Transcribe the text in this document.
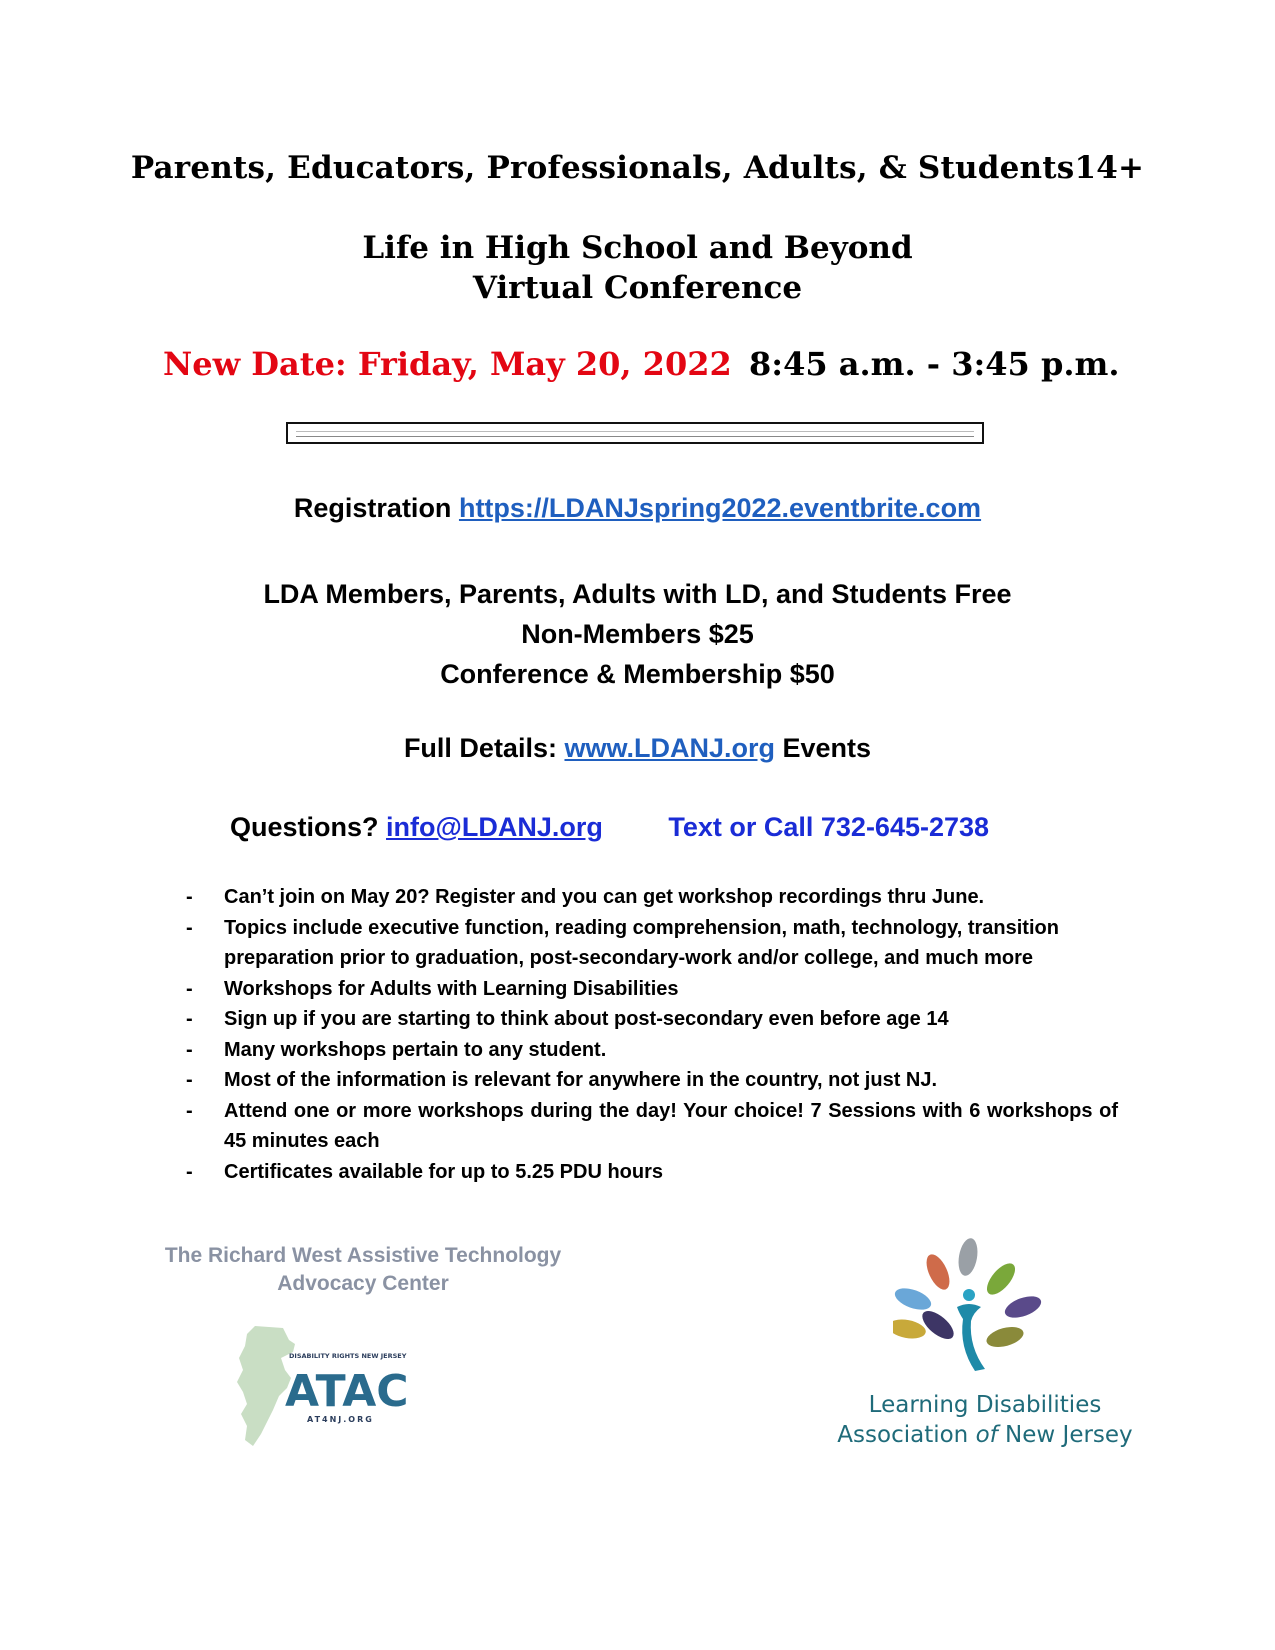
Parents, Educators, Professionals, Adults, & Students14+
Life in High School and Beyond
Virtual Conference
New Date: Friday, May 20, 2022 8:45 a.m. - 3:45 p.m.
Registration https://LDANJspring2022.eventbrite.com
LDA Members, Parents, Adults with LD, and Students Free
Non-Members $25
Conference & Membership $50
Full Details: www.LDANJ.org Events
Questions? info@LDANJ.org Text or Call 732-645-2738
- Can’t join on May 20? Register and you can get workshop recordings thru June.
- Topics include executive function, reading comprehension, math, technology, transition preparation prior to graduation, post-secondary-work and/or college, and much more
- Workshops for Adults with Learning Disabilities
- Sign up if you are starting to think about post-secondary even before age 14
- Many workshops pertain to any student.
- Most of the information is relevant for anywhere in the country, not just NJ.
- Attend one or more workshops during the day! Your choice! 7 Sessions with 6 workshops of 45 minutes each
- Certificates available for up to 5.25 PDU hours
The Richard West Assistive Technology
Advocacy Center
DISABILITY RIGHTS NEW JERSEY
ATAC
AT4NJ.ORG
Learning Disabilities
Association of New Jersey
